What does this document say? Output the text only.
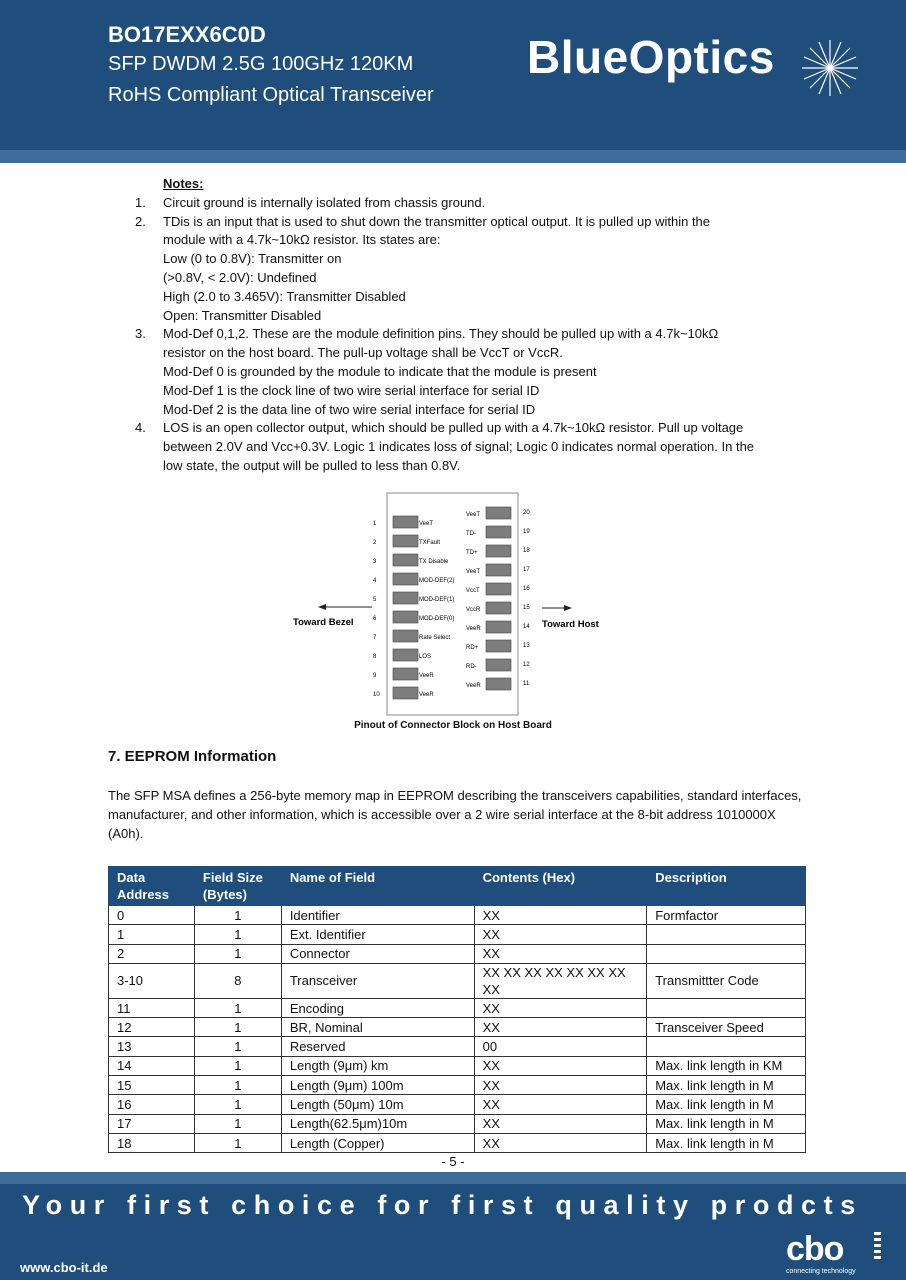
BO17EXX6C0D
SFP DWDM 2.5G 100GHz 120KM
RoHS Compliant Optical Transceiver
BlueOptics
Notes:
1.	Circuit ground is internally isolated from chassis ground.
2.	TDis is an input that is used to shut down the transmitter optical output. It is pulled up within the
module with a 4.7k~10kΩ resistor. Its states are:
Low (0 to 0.8V): Transmitter on
(>0.8V, < 2.0V): Undefined
High (2.0 to 3.465V): Transmitter Disabled
Open: Transmitter Disabled
3.	Mod-Def 0,1,2. These are the module definition pins. They should be pulled up with a 4.7k~10kΩ
resistor on the host board. The pull-up voltage shall be VccT or VccR.
Mod-Def 0 is grounded by the module to indicate that the module is present
Mod-Def 1 is the clock line of two wire serial interface for serial ID
Mod-Def 2 is the data line of two wire serial interface for serial ID
4.	LOS is an open collector output, which should be pulled up with a 4.7k~10kΩ resistor. Pull up voltage
between 2.0V and Vcc+0.3V. Logic 1 indicates loss of signal; Logic 0 indicates normal operation. In the
low state, the output will be pulled to less than 0.8V.
Toward Bezel	Toward Host
1	VeeT
2	TXFault
3	TX Disable
4	MOD-DEF(2)
5	MOD-DEF(1)
6	MOD-DEF(0)
7	Rate Select
8	LOS
9	VeeR
10	VeeR
VeeT	20
TD-	19
TD+	18
VeeT	17
VccT	16
VccR	15
VeeR	14
RD+	13
RD-	12
VeeR	11
Pinout of Connector Block on Host Board
7. EEPROM Information
The SFP MSA defines a 256-byte memory map in EEPROM describing the transceivers capabilities, standard interfaces, manufacturer, and other information, which is accessible over a 2 wire serial interface at the 8-bit address 1010000X (A0h).
Data Address	Field Size (Bytes)	Name of Field	Contents (Hex)	Description
0	1	Identifier	XX	Formfactor
1	1	Ext. Identifier	XX	
2	1	Connector	XX	
3-10	8	Transceiver	XX XX XX XX XX XX XX XX	Transmittter Code
11	1	Encoding	XX	
12	1	BR, Nominal	XX	Transceiver Speed
13	1	Reserved	00	
14	1	Length (9μm) km	XX	Max. link length in KM
15	1	Length (9μm) 100m	XX	Max. link length in M
16	1	Length (50μm) 10m	XX	Max. link length in M
17	1	Length(62.5μm)10m	XX	Max. link length in M
18	1	Length (Copper)	XX	Max. link length in M
- 5 -
Your first choice for first quality prodcts
www.cbo-it.de	cbo
connecting technology
